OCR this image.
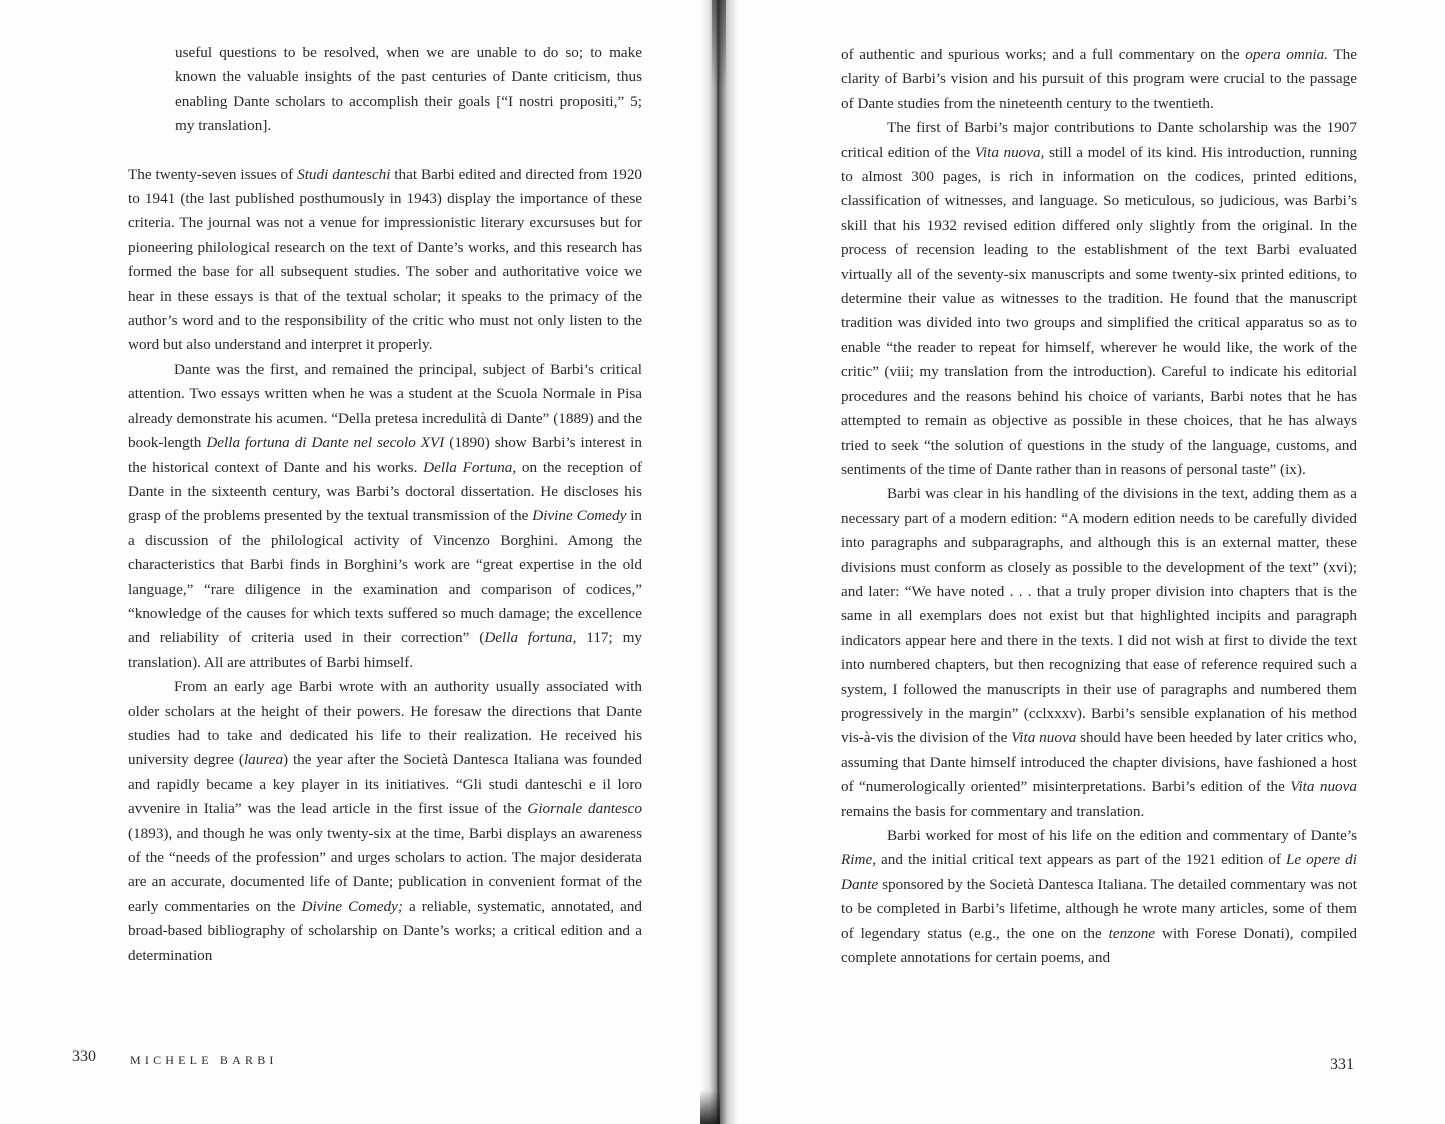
useful questions to be resolved, when we are unable to do so; to make known the valuable insights of the past centuries of Dante criticism, thus enabling Dante scholars to accomplish their goals [“I nostri propositi,” 5; my translation].

The twenty-seven issues of Studi danteschi that Barbi edited and directed from 1920 to 1941 (the last published posthumously in 1943) display the importance of these criteria. The journal was not a venue for impressionistic literary excursuses but for pioneering philological research on the text of Dante’s works, and this research has formed the base for all subsequent studies. The sober and authoritative voice we hear in these essays is that of the textual scholar; it speaks to the primacy of the author’s word and to the responsibility of the critic who must not only listen to the word but also understand and interpret it properly.

Dante was the first, and remained the principal, subject of Barbi’s critical attention. Two essays written when he was a student at the Scuola Normale in Pisa already demonstrate his acumen. “Della pretesa incredulità di Dante” (1889) and the book-length Della fortuna di Dante nel secolo XVI (1890) show Barbi’s interest in the historical context of Dante and his works. Della Fortuna, on the reception of Dante in the sixteenth century, was Barbi’s doctoral dissertation. He discloses his grasp of the problems presented by the textual transmission of the Divine Comedy in a discussion of the philological activity of Vincenzo Borghini. Among the characteristics that Barbi finds in Borghini’s work are “great expertise in the old language,” “rare diligence in the examination and comparison of codices,” “knowledge of the causes for which texts suffered so much damage; the excellence and reliability of criteria used in their correction” (Della fortuna, 117; my translation). All are attributes of Barbi himself.

From an early age Barbi wrote with an authority usually associated with older scholars at the height of their powers. He foresaw the directions that Dante studies had to take and dedicated his life to their realization. He received his university degree (laurea) the year after the Società Dantesca Italiana was founded and rapidly became a key player in its initiatives. “Gli studi danteschi e il loro avvenire in Italia” was the lead article in the first issue of the Giornale dantesco (1893), and though he was only twenty-six at the time, Barbi displays an awareness of the “needs of the profession” and urges scholars to action. The major desiderata are an accurate, documented life of Dante; publication in convenient format of the early commentaries on the Divine Comedy; a reliable, systematic, annotated, and broad-based bibliography of scholarship on Dante’s works; a critical edition and a determination

330	MICHELE BARBI

of authentic and spurious works; and a full commentary on the opera omnia. The clarity of Barbi’s vision and his pursuit of this program were crucial to the passage of Dante studies from the nineteenth century to the twentieth.

The first of Barbi’s major contributions to Dante scholarship was the 1907 critical edition of the Vita nuova, still a model of its kind. His introduction, running to almost 300 pages, is rich in information on the codices, printed editions, classification of witnesses, and language. So meticulous, so judicious, was Barbi’s skill that his 1932 revised edition differed only slightly from the original. In the process of recension leading to the establishment of the text Barbi evaluated virtually all of the seventy-six manuscripts and some twenty-six printed editions, to determine their value as witnesses to the tradition. He found that the manuscript tradition was divided into two groups and simplified the critical apparatus so as to enable “the reader to repeat for himself, wherever he would like, the work of the critic” (viii; my translation from the introduction). Careful to indicate his editorial procedures and the reasons behind his choice of variants, Barbi notes that he has attempted to remain as objective as possible in these choices, that he has always tried to seek “the solution of questions in the study of the language, customs, and sentiments of the time of Dante rather than in reasons of personal taste” (ix).

Barbi was clear in his handling of the divisions in the text, adding them as a necessary part of a modern edition: “A modern edition needs to be carefully divided into paragraphs and subparagraphs, and although this is an external matter, these divisions must conform as closely as possible to the development of the text” (xvi); and later: “We have noted . . . that a truly proper division into chapters that is the same in all exemplars does not exist but that highlighted incipits and paragraph indicators appear here and there in the texts. I did not wish at first to divide the text into numbered chapters, but then recognizing that ease of reference required such a system, I followed the manuscripts in their use of paragraphs and numbered them progressively in the margin” (cclxxxv). Barbi’s sensible explanation of his method vis-à-vis the division of the Vita nuova should have been heeded by later critics who, assuming that Dante himself introduced the chapter divisions, have fashioned a host of “numerologically oriented” misinterpretations. Barbi’s edition of the Vita nuova remains the basis for commentary and translation.

Barbi worked for most of his life on the edition and commentary of Dante’s Rime, and the initial critical text appears as part of the 1921 edition of Le opere di Dante sponsored by the Società Dantesca Italiana. The detailed commentary was not to be completed in Barbi’s lifetime, although he wrote many articles, some of them of legendary status (e.g., the one on the tenzone with Forese Donati), compiled complete annotations for certain poems, and

331
